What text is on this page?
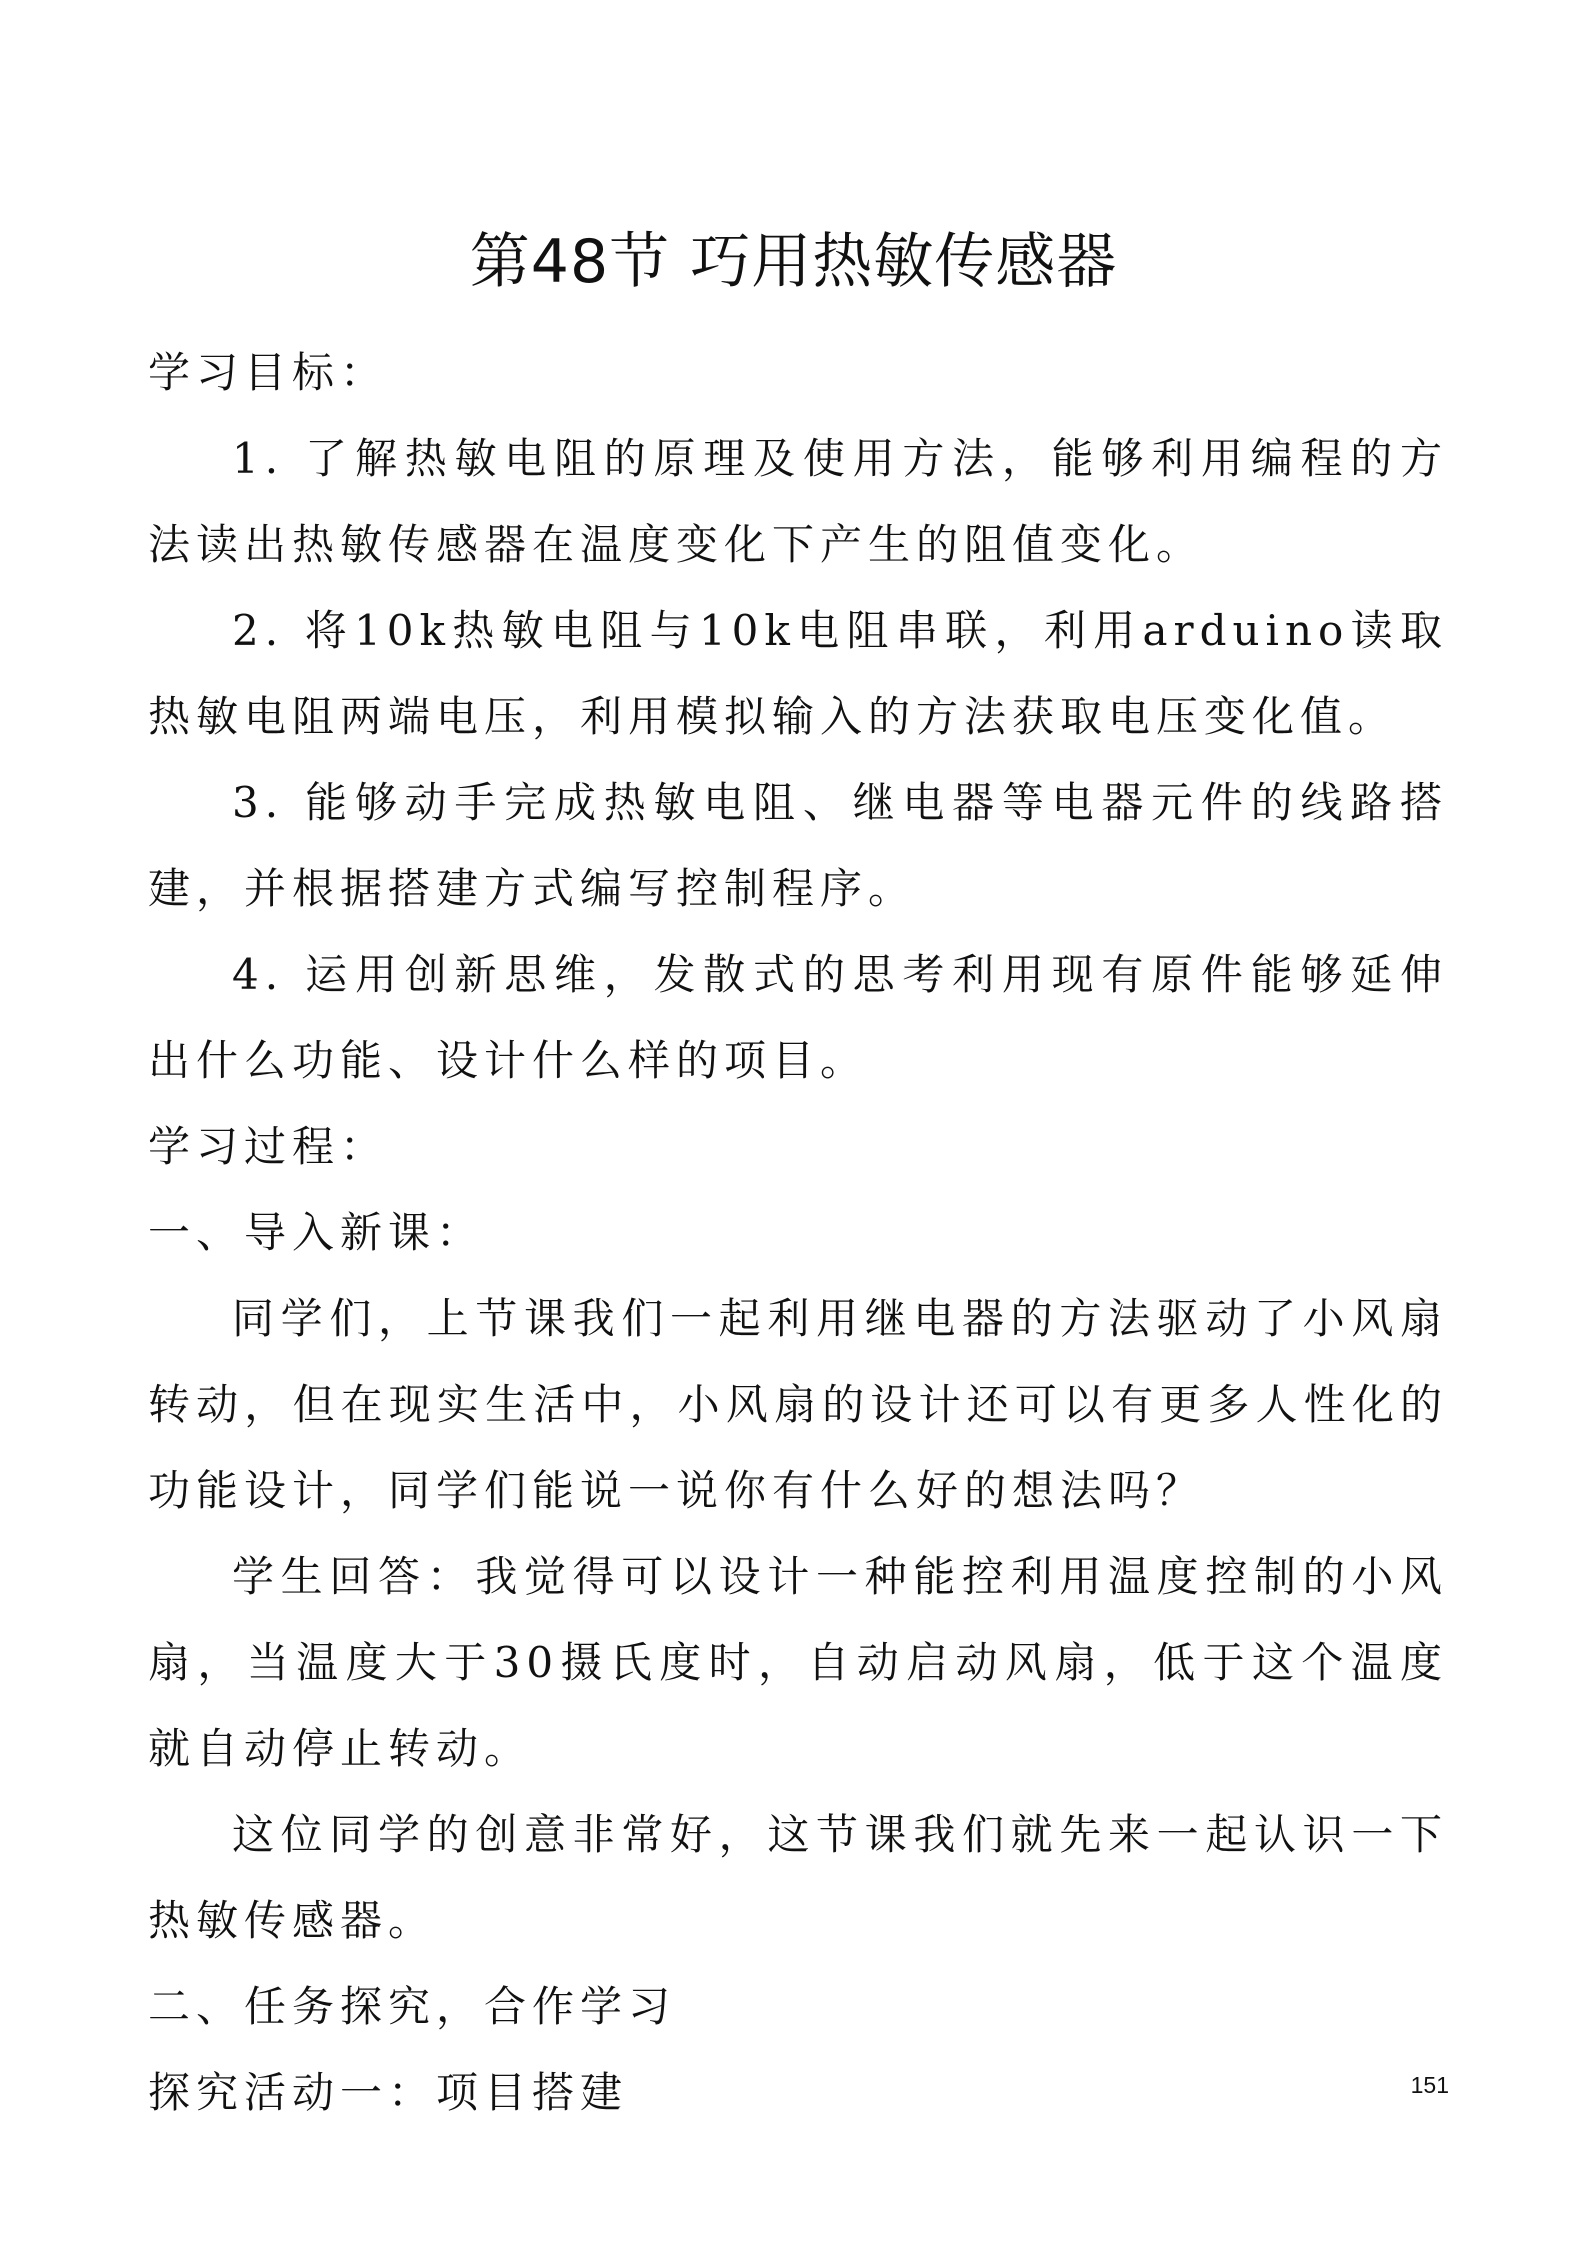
第48节 巧用热敏传感器

学习目标：

1. 了解热敏电阻的原理及使用方法，能够利用编程的方法读出热敏传感器在温度变化下产生的阻值变化。

2. 将10k热敏电阻与10k电阻串联，利用arduino读取热敏电阻两端电压，利用模拟输入的方法获取电压变化值。

3. 能够动手完成热敏电阻、继电器等电器元件的线路搭建，并根据搭建方式编写控制程序。

4. 运用创新思维，发散式的思考利用现有原件能够延伸出什么功能、设计什么样的项目。

学习过程：

一、导入新课：

同学们，上节课我们一起利用继电器的方法驱动了小风扇转动，但在现实生活中，小风扇的设计还可以有更多人性化的功能设计，同学们能说一说你有什么好的想法吗？

学生回答：我觉得可以设计一种能控利用温度控制的小风扇，当温度大于30摄氏度时，自动启动风扇，低于这个温度就自动停止转动。

这位同学的创意非常好，这节课我们就先来一起认识一下热敏传感器。

二、任务探究，合作学习

探究活动一：项目搭建	151
